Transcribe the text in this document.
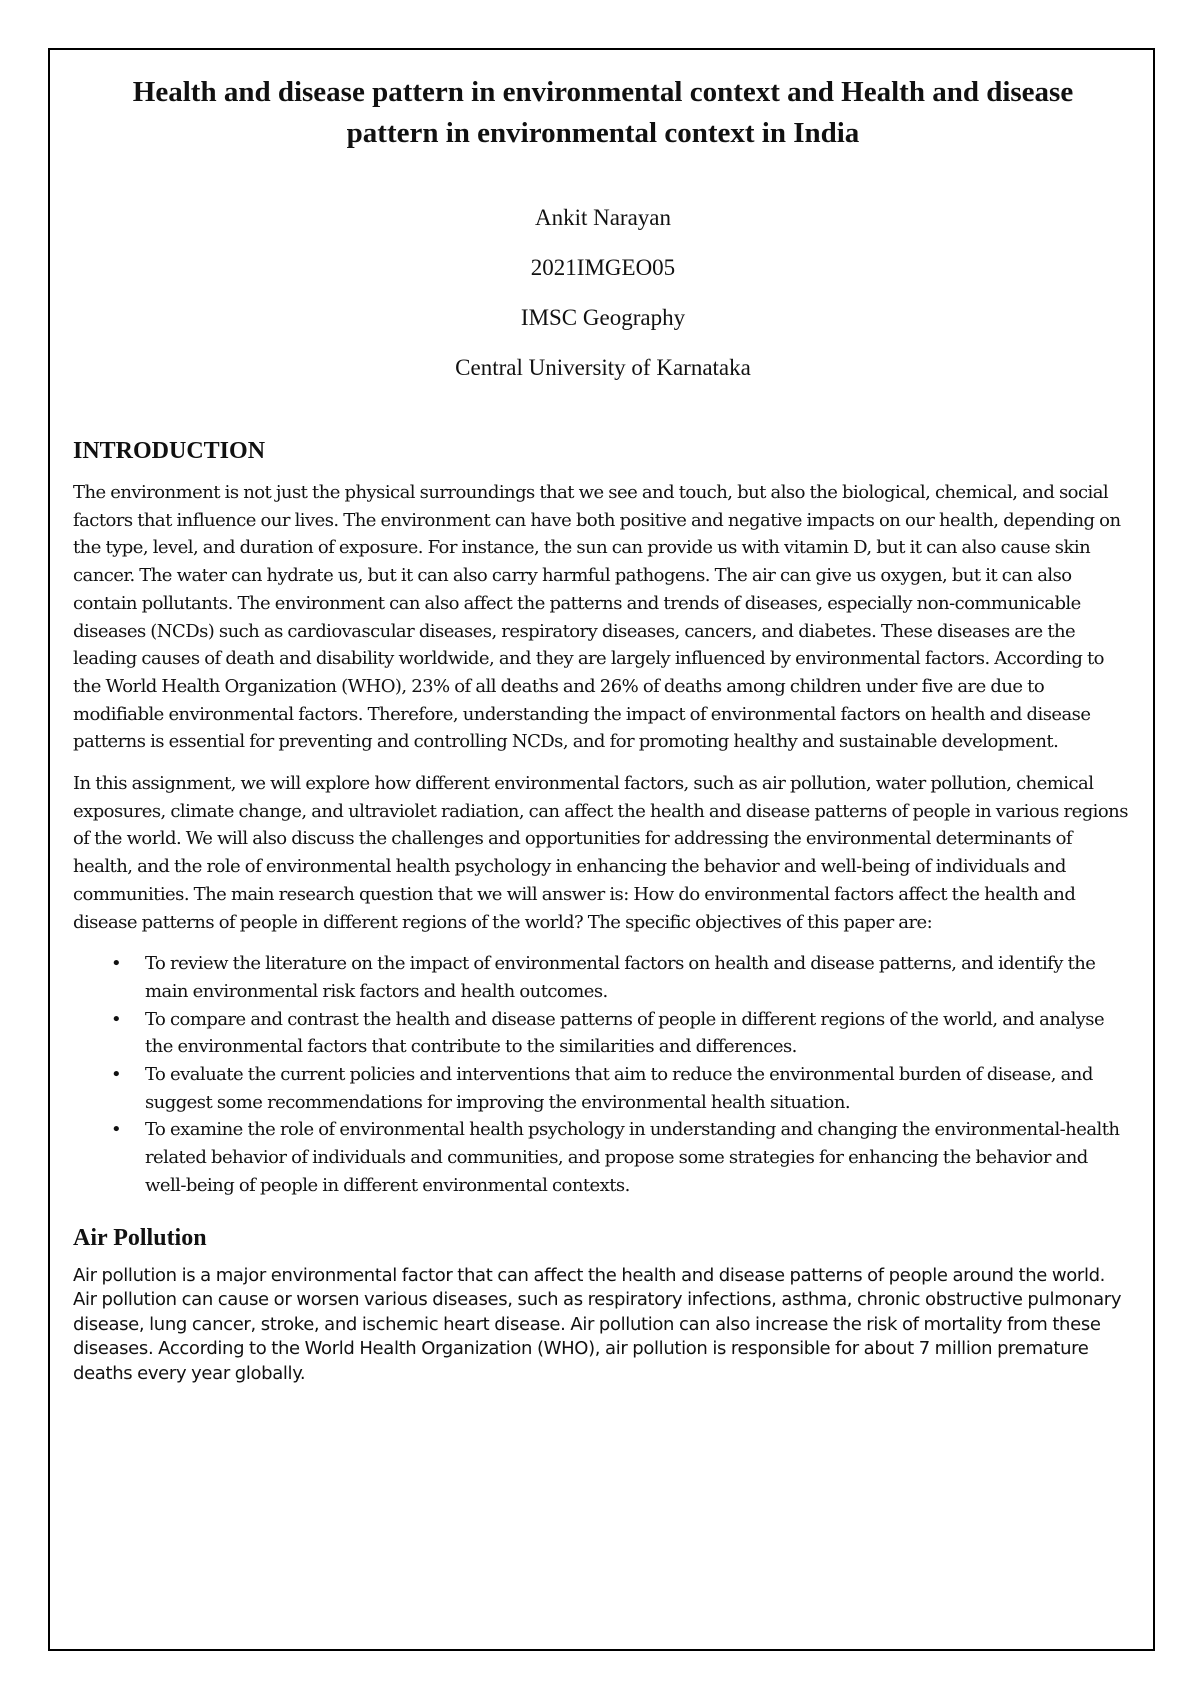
Health and disease pattern in environmental context and Health and disease pattern in environmental context in India

Ankit Narayan

2021IMGEO05

IMSC Geography

Central University of Karnataka

INTRODUCTION

The environment is not just the physical surroundings that we see and touch, but also the biological, chemical, and social factors that influence our lives. The environment can have both positive and negative impacts on our health, depending on the type, level, and duration of exposure. For instance, the sun can provide us with vitamin D, but it can also cause skin cancer. The water can hydrate us, but it can also carry harmful pathogens. The air can give us oxygen, but it can also contain pollutants. The environment can also affect the patterns and trends of diseases, especially non-communicable diseases (NCDs) such as cardiovascular diseases, respiratory diseases, cancers, and diabetes. These diseases are the leading causes of death and disability worldwide, and they are largely influenced by environmental factors. According to the World Health Organization (WHO), 23% of all deaths and 26% of deaths among children under five are due to modifiable environmental factors. Therefore, understanding the impact of environmental factors on health and disease patterns is essential for preventing and controlling NCDs, and for promoting healthy and sustainable development.

In this assignment, we will explore how different environmental factors, such as air pollution, water pollution, chemical exposures, climate change, and ultraviolet radiation, can affect the health and disease patterns of people in various regions of the world. We will also discuss the challenges and opportunities for addressing the environmental determinants of health, and the role of environmental health psychology in enhancing the behavior and well-being of individuals and communities. The main research question that we will answer is: How do environmental factors affect the health and disease patterns of people in different regions of the world? The specific objectives of this paper are:

• To review the literature on the impact of environmental factors on health and disease patterns, and identify the main environmental risk factors and health outcomes.
• To compare and contrast the health and disease patterns of people in different regions of the world, and analyse the environmental factors that contribute to the similarities and differences.
• To evaluate the current policies and interventions that aim to reduce the environmental burden of disease, and suggest some recommendations for improving the environmental health situation.
• To examine the role of environmental health psychology in understanding and changing the environmental-health related behavior of individuals and communities, and propose some strategies for enhancing the behavior and well-being of people in different environmental contexts.
Air Pollution

Air pollution is a major environmental factor that can affect the health and disease patterns of people around the world. Air pollution can cause or worsen various diseases, such as respiratory infections, asthma, chronic obstructive pulmonary disease, lung cancer, stroke, and ischemic heart disease. Air pollution can also increase the risk of mortality from these diseases. According to the World Health Organization (WHO), air pollution is responsible for about 7 million premature deaths every year globally.
